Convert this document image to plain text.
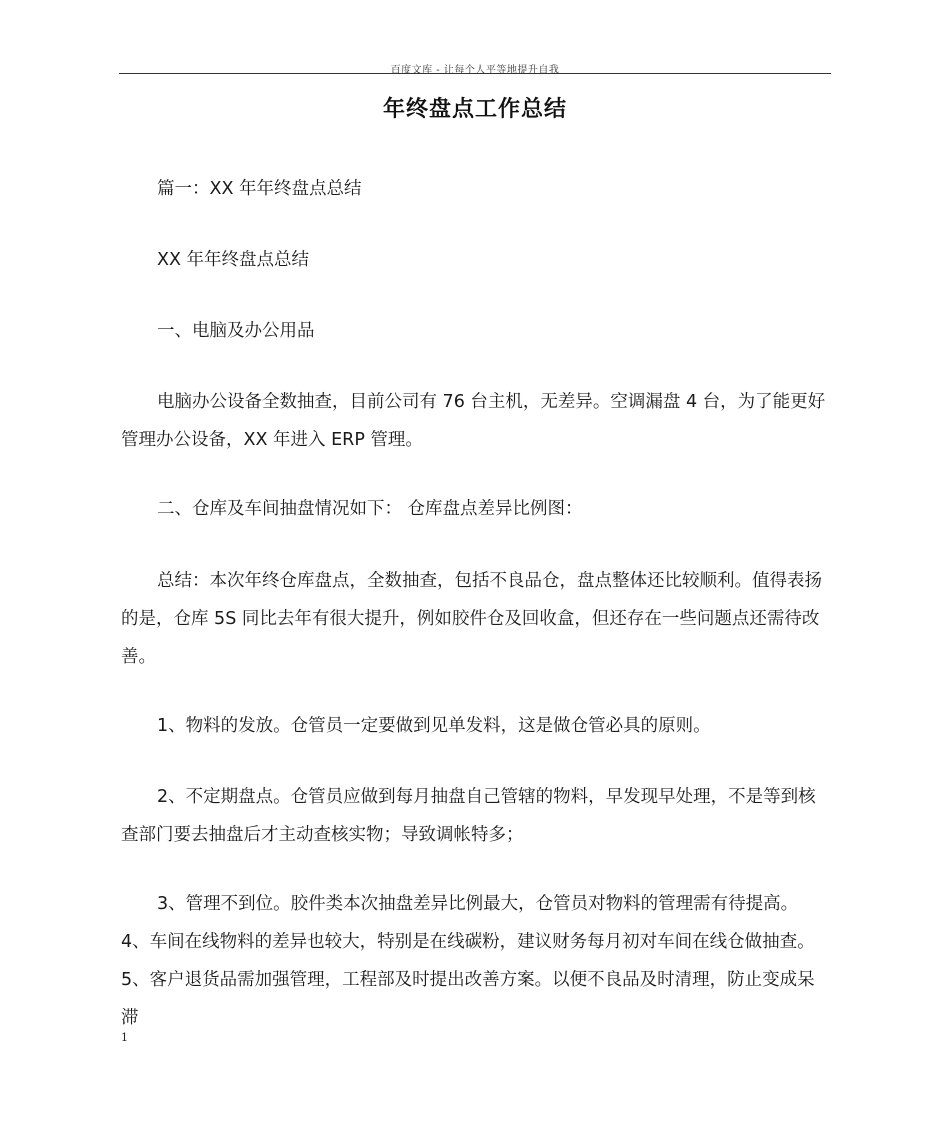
百度文库 - 让每个人平等地提升自我
年终盘点工作总结

篇一：XX 年年终盘点总结

XX 年年终盘点总结

一、电脑及办公用品

电脑办公设备全数抽查，目前公司有 76 台主机，无差异。空调漏盘 4 台，为了能更好管理办公设备，XX 年进入 ERP 管理。

二、仓库及车间抽盘情况如下： 仓库盘点差异比例图：

总结：本次年终仓库盘点，全数抽查，包括不良品仓，盘点整体还比较顺利。值得表扬的是，仓库 5S 同比去年有很大提升，例如胶件仓及回收盒，但还存在一些问题点还需待改善。

1、物料的发放。仓管员一定要做到见单发料，这是做仓管必具的原则。

2、不定期盘点。仓管员应做到每月抽盘自己管辖的物料，早发现早处理，不是等到核查部门要去抽盘后才主动查核实物；导致调帐特多；

3、管理不到位。胶件类本次抽盘差异比例最大，仓管员对物料的管理需有待提高。 4、车间在线物料的差异也较大，特别是在线碳粉，建议财务每月初对车间在线仓做抽查。 5、客户退货品需加强管理，工程部及时提出改善方案。以便不良品及时清理，防止变成呆滞

1
